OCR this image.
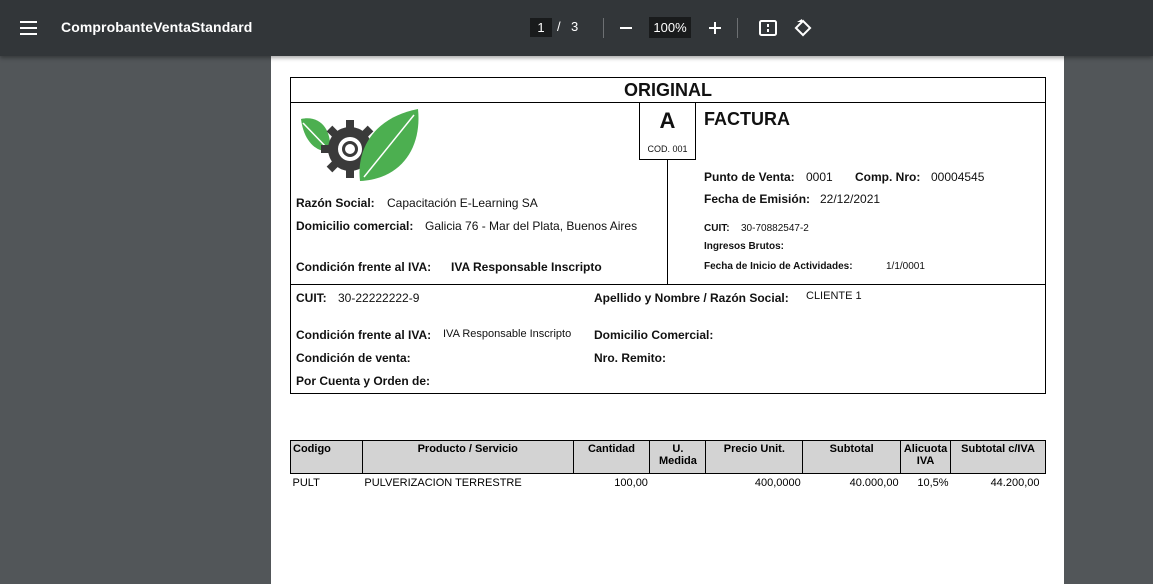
ComprobanteVentaStandard
1	/ 3	100%
ORIGINAL
A
COD. 001
Razón Social: Capacitación E-Learning SA
Domicilio comercial: Galicia 76 - Mar del Plata, Buenos Aires
Condición frente al IVA: IVA Responsable Inscripto
FACTURA
Punto de Venta: 0001 Comp. Nro: 00004545
Fecha de Emisión: 22/12/2021
CUIT: 30-70882547-2
Ingresos Brutos:
Fecha de Inicio de Actividades:	1/1/0001
CUIT: 30-22222222-9	Apellido y Nombre / Razón Social: CLIENTE 1
Condición frente al IVA: IVA Responsable Inscripto Domicilio Comercial:
Condición de venta:	Nro. Remito:
Por Cuenta y Orden de:
Codigo	Producto / Servicio	Cantidad	U. Medida	Precio Unit.	Subtotal	Alicuota IVA	Subtotal c/IVA
PULT	PULVERIZACION TERRESTRE	100,00		400,0000	40.000,00	10,5%	44.200,00
